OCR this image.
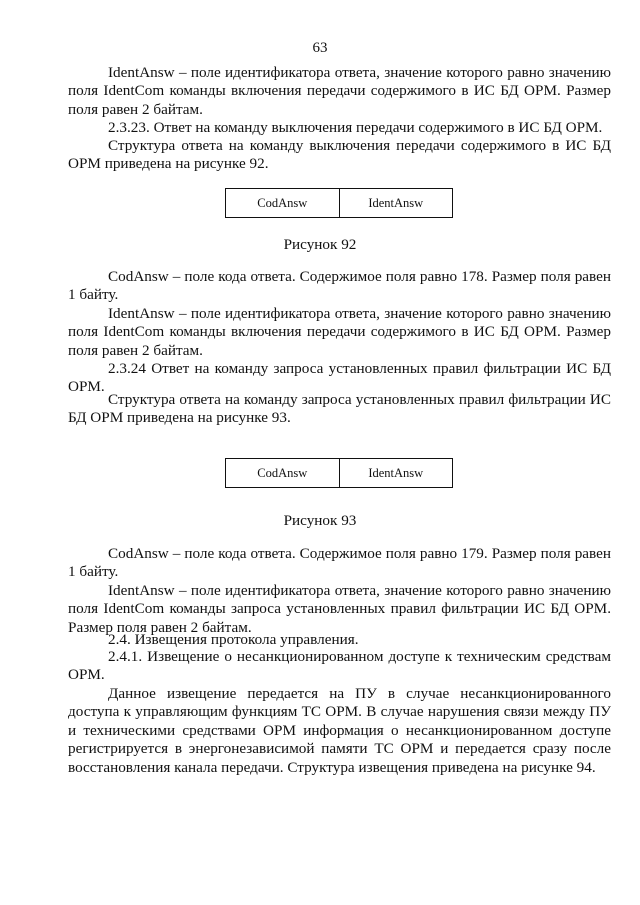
63
IdentAnsw – поле идентификатора ответа, значение которого равно значению поля IdentCom команды включения передачи содержимого в ИС БД ОРМ. Размер поля равен 2 байтам.
2.3.23. Ответ на команду выключения передачи содержимого в ИС БД ОРМ.
Структура ответа на команду выключения передачи содержимого в ИС БД ОРМ приведена на рисунке 92.
CodAnsw	IdentAnsw
Рисунок 92
CodAnsw – поле кода ответа. Содержимое поля равно 178. Размер поля равен 1 байту.
IdentAnsw – поле идентификатора ответа, значение которого равно значению поля IdentCom команды включения передачи содержимого в ИС БД ОРМ. Размер поля равен 2 байтам.
2.3.24 Ответ на команду запроса установленных правил фильтрации ИС БД ОРМ.
Структура ответа на команду запроса установленных правил фильтрации ИС БД ОРМ приведена на рисунке 93.
CodAnsw	IdentAnsw
Рисунок 93
CodAnsw – поле кода ответа. Содержимое поля равно 179. Размер поля равен 1 байту.
IdentAnsw – поле идентификатора ответа, значение которого равно значению поля IdentCom команды запроса установленных правил фильтрации ИС БД ОРМ. Размер поля равен 2 байтам.
2.4. Извещения протокола управления.
2.4.1. Извещение о несанкционированном доступе к техническим средствам ОРМ.
Данное извещение передается на ПУ в случае несанкционированного доступа к управляющим функциям ТС ОРМ. В случае нарушения связи между ПУ и техническими средствами ОРМ информация о несанкционированном доступе регистрируется в энергонезависимой памяти ТС ОРМ и передается сразу после восстановления канала передачи. Структура извещения приведена на рисунке 94.
